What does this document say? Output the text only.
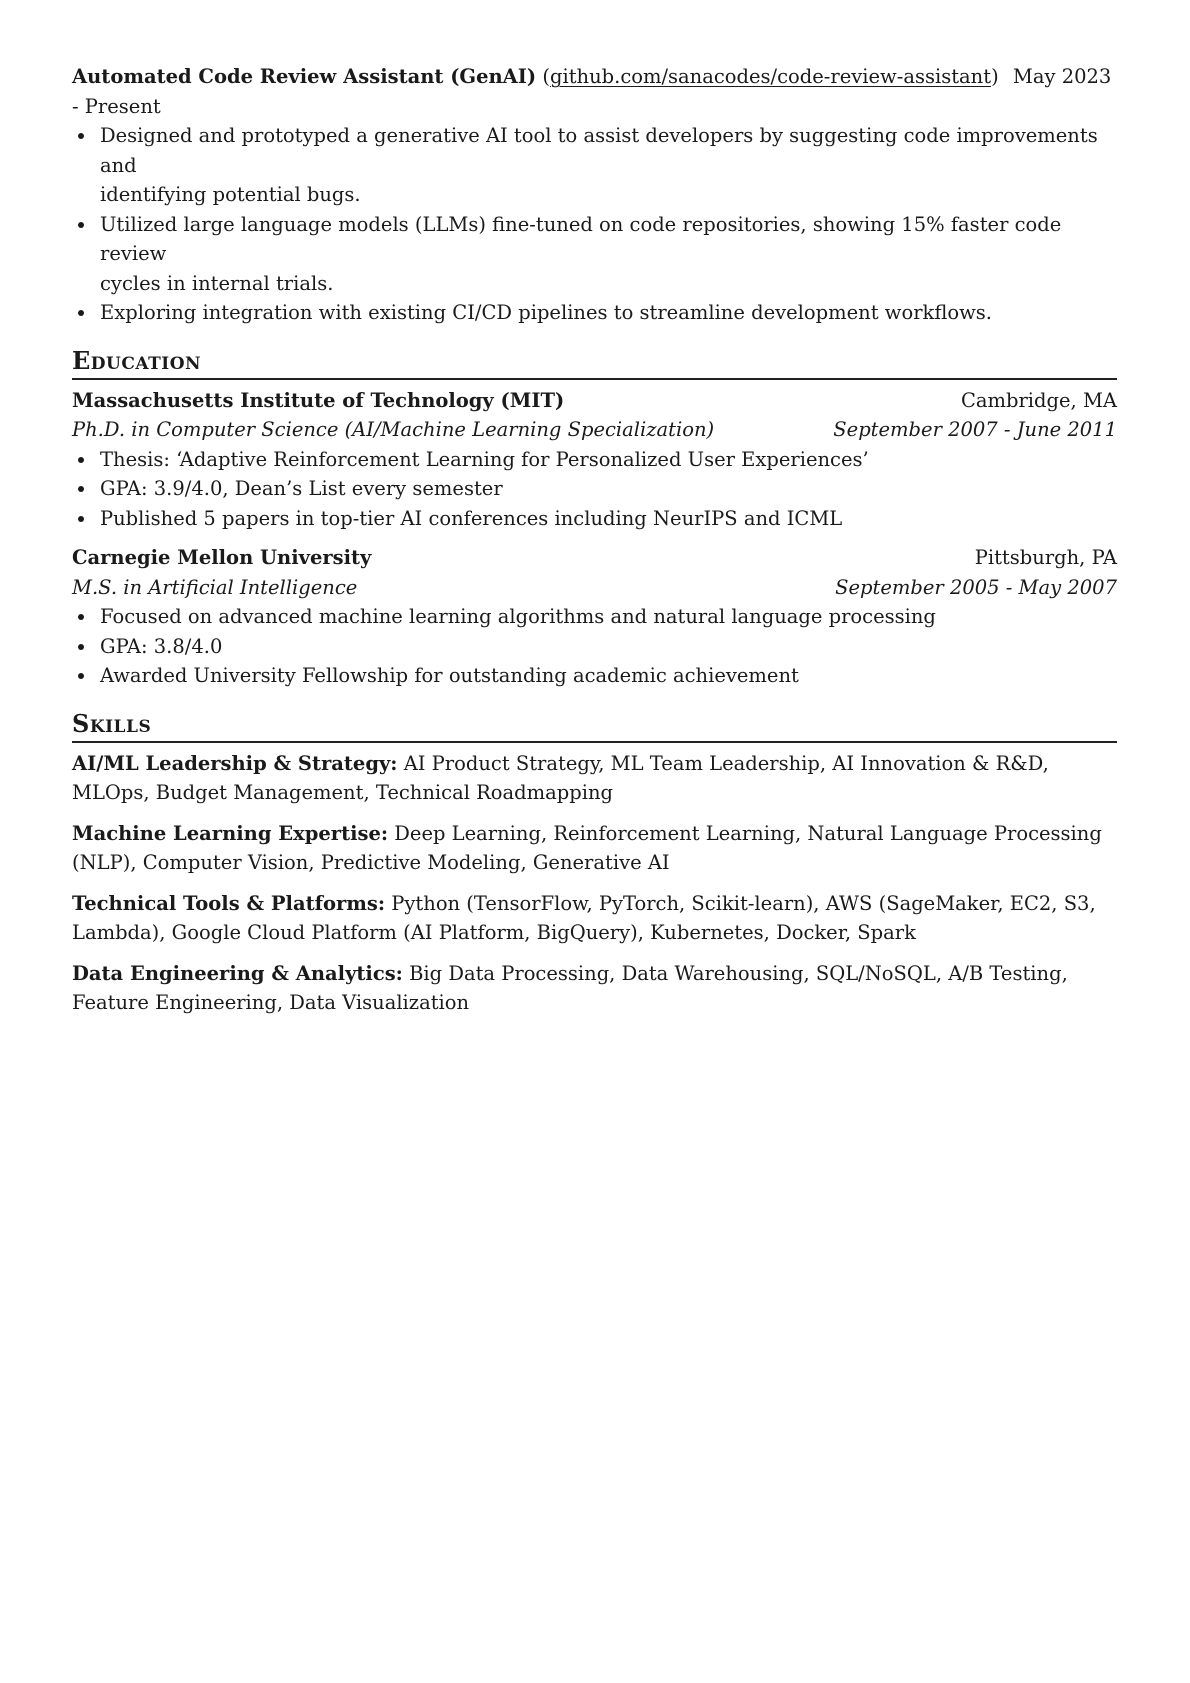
Automated Code Review Assistant (GenAI) (github.com/sanacodes/code-review-assistant) May 2023
- Present
Designed and prototyped a generative AI tool to assist developers by suggesting code improvements and
identifying potential bugs.
Utilized large language models (LLMs) fine-tuned on code repositories, showing 15% faster code review
cycles in internal trials.
Exploring integration with existing CI/CD pipelines to streamline development workflows.
Education
Massachusetts Institute of Technology (MIT)	Cambridge, MA
Ph.D. in Computer Science (AI/Machine Learning Specialization)	September 2007 - June 2011
Thesis: ‘Adaptive Reinforcement Learning for Personalized User Experiences’
GPA: 3.9/4.0, Dean’s List every semester
Published 5 papers in top-tier AI conferences including NeurIPS and ICML
Carnegie Mellon University	Pittsburgh, PA
M.S. in Artificial Intelligence	September 2005 - May 2007
Focused on advanced machine learning algorithms and natural language processing
GPA: 3.8/4.0
Awarded University Fellowship for outstanding academic achievement
Skills
AI/ML Leadership & Strategy: AI Product Strategy, ML Team Leadership, AI Innovation & R&D,
MLOps, Budget Management, Technical Roadmapping
Machine Learning Expertise: Deep Learning, Reinforcement Learning, Natural Language Processing
(NLP), Computer Vision, Predictive Modeling, Generative AI
Technical Tools & Platforms: Python (TensorFlow, PyTorch, Scikit-learn), AWS (SageMaker, EC2, S3,
Lambda), Google Cloud Platform (AI Platform, BigQuery), Kubernetes, Docker, Spark
Data Engineering & Analytics: Big Data Processing, Data Warehousing, SQL/NoSQL, A/B Testing,
Feature Engineering, Data Visualization
